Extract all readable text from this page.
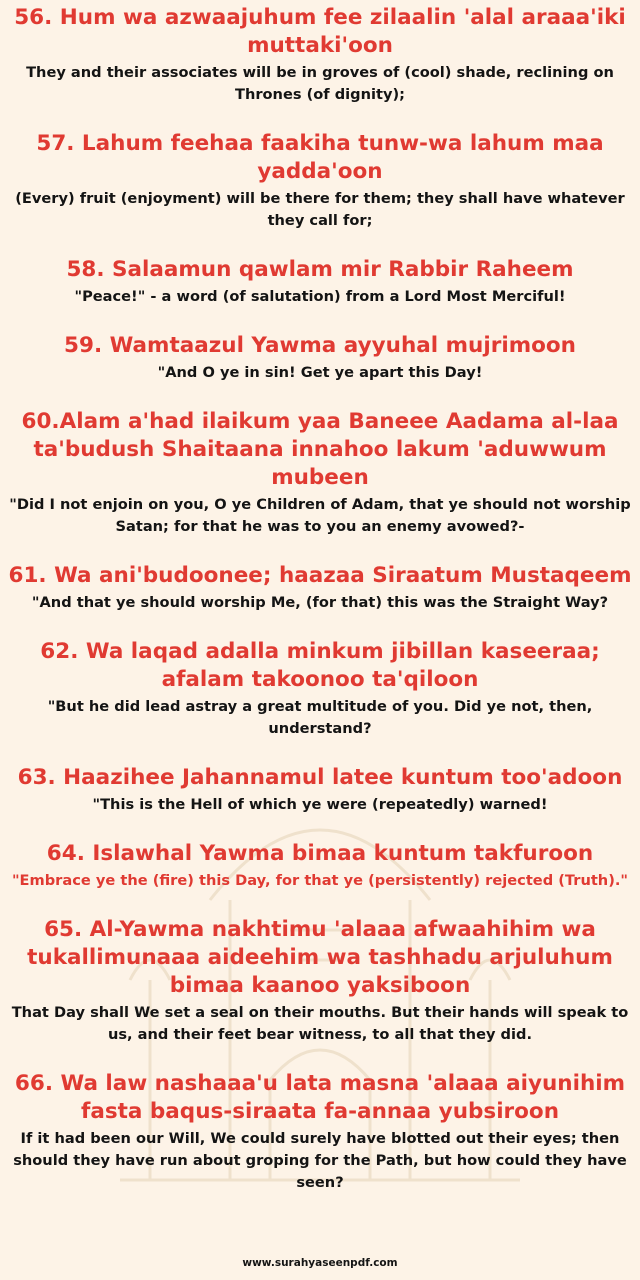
56. Hum wa azwaajuhum fee zilaalin 'alal araaa'iki muttaki'oon
They and their associates will be in groves of (cool) shade, reclining on Thrones (of dignity);
57. Lahum feehaa faakiha tunw-wa lahum maa yadda'oon
(Every) fruit (enjoyment) will be there for them; they shall have whatever they call for;
58. Salaamun qawlam mir Rabbir Raheem
"Peace!" - a word (of salutation) from a Lord Most Merciful!
59. Wamtaazul Yawma ayyuhal mujrimoon
"And O ye in sin! Get ye apart this Day!
60.Alam a'had ilaikum yaa Baneee Aadama al-laa ta'budush Shaitaana innahoo lakum 'aduwwum mubeen
"Did I not enjoin on you, O ye Children of Adam, that ye should not worship Satan; for that he was to you an enemy avowed?-
61. Wa ani'budoonee; haazaa Siraatum Mustaqeem
"And that ye should worship Me, (for that) this was the Straight Way?
62. Wa laqad adalla minkum jibillan kaseeraa; afalam takoonoo ta'qiloon
"But he did lead astray a great multitude of you. Did ye not, then, understand?
63. Haazihee Jahannamul latee kuntum too'adoon
"This is the Hell of which ye were (repeatedly) warned!
64. Islawhal Yawma bimaa kuntum takfuroon
"Embrace ye the (fire) this Day, for that ye (persistently) rejected (Truth)."
65. Al-Yawma nakhtimu 'alaaa afwaahihim wa tukallimunaaa aideehim wa tashhadu arjuluhum bimaa kaanoo yaksiboon
That Day shall We set a seal on their mouths. But their hands will speak to us, and their feet bear witness, to all that they did.
66. Wa law nashaaa'u lata masna 'alaaa aiyunihim fasta baqus-siraata fa-annaa yubsiroon
If it had been our Will, We could surely have blotted out their eyes; then should they have run about groping for the Path, but how could they have seen?
www.surahyaseenpdf.com
